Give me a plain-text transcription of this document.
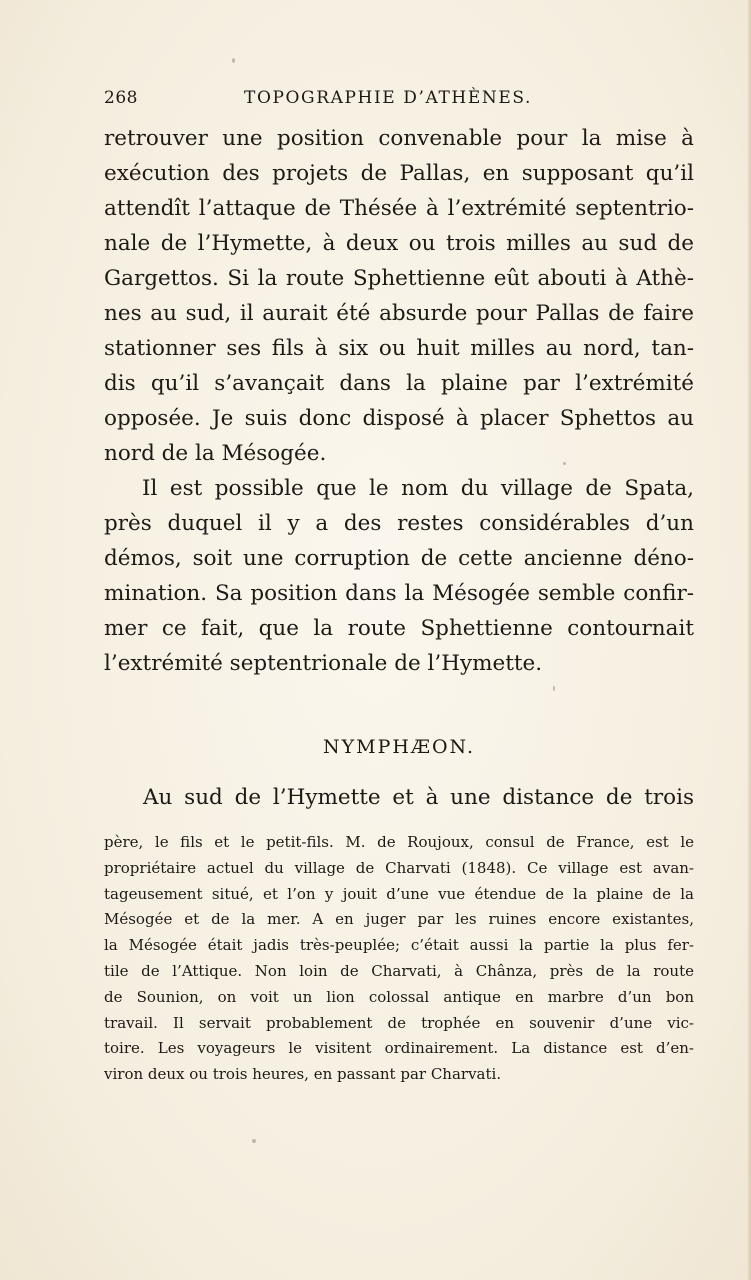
268	TOPOGRAPHIE D’ATHÈNES.
retrouver une position convenable pour la mise à
exécution des projets de Pallas, en supposant qu’il
attendît l’attaque de Thésée à l’extrémité septentrio-
nale de l’Hymette, à deux ou trois milles au sud de
Gargettos. Si la route Sphettienne eût abouti à Athè-
nes au sud, il aurait été absurde pour Pallas de faire
stationner ses fils à six ou huit milles au nord, tan-
dis qu’il s’avançait dans la plaine par l’extrémité
opposée. Je suis donc disposé à placer Sphettos au
nord de la Mésogée.
Il est possible que le nom du village de Spata,
près duquel il y a des restes considérables d’un
démos, soit une corruption de cette ancienne déno-
mination. Sa position dans la Mésogée semble confir-
mer ce fait, que la route Sphettienne contournait
l’extrémité septentrionale de l’Hymette.
NYMPHÆON.
Au sud de l’Hymette et à une distance de trois
père, le fils et le petit-fils. M. de Roujoux, consul de France, est le
propriétaire actuel du village de Charvati (1848). Ce village est avan-
tageusement situé, et l’on y jouit d’une vue étendue de la plaine de la
Mésogée et de la mer. A en juger par les ruines encore existantes,
la Mésogée était jadis très-peuplée; c’était aussi la partie la plus fer-
tile de l’Attique. Non loin de Charvati, à Chânza, près de la route
de Sounion, on voit un lion colossal antique en marbre d’un bon
travail. Il servait probablement de trophée en souvenir d’une vic-
toire. Les voyageurs le visitent ordinairement. La distance est d’en-
viron deux ou trois heures, en passant par Charvati.
